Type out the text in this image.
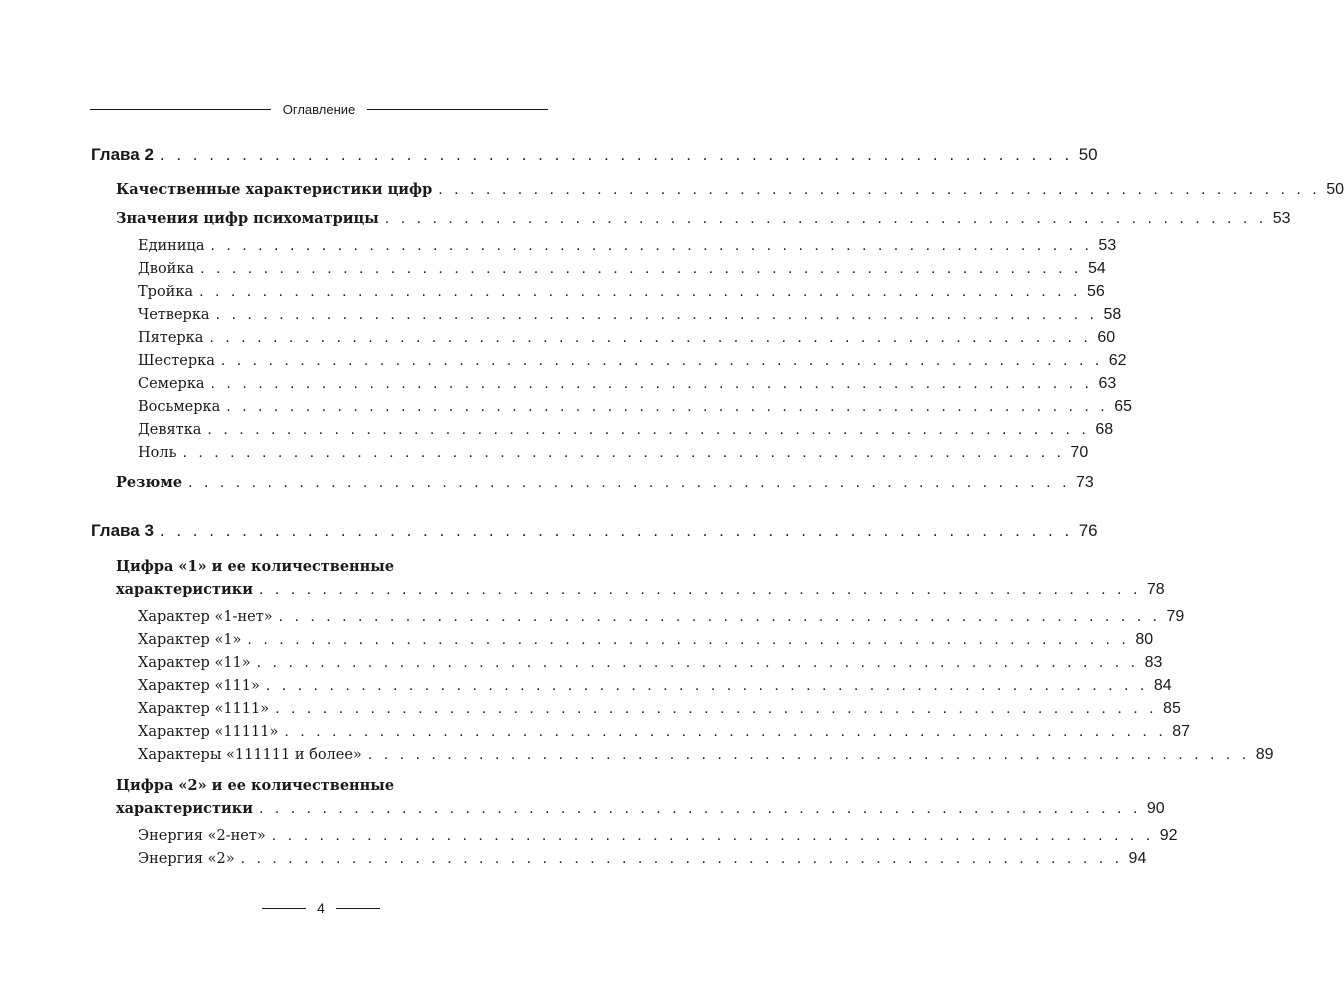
Оглавление
Глава 2 . . . . . . . . . . . . . . . . . . . . . . . . . . . . . . . . . . . . . . . . . . . . . . . . . . . . . . . . 50
Качественные характеристики цифр . . . . . . . . . . . . . . . . . . . . . . . . . . . . . . . . . . . . . . . . . . . . . . . . . . . . . . . . 50
Значения цифр психоматрицы . . . . . . . . . . . . . . . . . . . . . . . . . . . . . . . . . . . . . . . . . . . . . . . . . . . . . . . . 53
Единица . . . . . . . . . . . . . . . . . . . . . . . . . . . . . . . . . . . . . . . . . . . . . . . . . . . . . . . . 53
Двойка . . . . . . . . . . . . . . . . . . . . . . . . . . . . . . . . . . . . . . . . . . . . . . . . . . . . . . . . 54
Тройка . . . . . . . . . . . . . . . . . . . . . . . . . . . . . . . . . . . . . . . . . . . . . . . . . . . . . . . . 56
Четверка . . . . . . . . . . . . . . . . . . . . . . . . . . . . . . . . . . . . . . . . . . . . . . . . . . . . . . . . 58
Пятерка . . . . . . . . . . . . . . . . . . . . . . . . . . . . . . . . . . . . . . . . . . . . . . . . . . . . . . . . 60
Шестерка . . . . . . . . . . . . . . . . . . . . . . . . . . . . . . . . . . . . . . . . . . . . . . . . . . . . . . . . 62
Семерка . . . . . . . . . . . . . . . . . . . . . . . . . . . . . . . . . . . . . . . . . . . . . . . . . . . . . . . . 63
Восьмерка . . . . . . . . . . . . . . . . . . . . . . . . . . . . . . . . . . . . . . . . . . . . . . . . . . . . . . . . 65
Девятка . . . . . . . . . . . . . . . . . . . . . . . . . . . . . . . . . . . . . . . . . . . . . . . . . . . . . . . . 68
Ноль . . . . . . . . . . . . . . . . . . . . . . . . . . . . . . . . . . . . . . . . . . . . . . . . . . . . . . . . 70
Резюме . . . . . . . . . . . . . . . . . . . . . . . . . . . . . . . . . . . . . . . . . . . . . . . . . . . . . . . . 73
Глава 3 . . . . . . . . . . . . . . . . . . . . . . . . . . . . . . . . . . . . . . . . . . . . . . . . . . . . . . . . 76
Цифра «1» и ее количественные
характеристики . . . . . . . . . . . . . . . . . . . . . . . . . . . . . . . . . . . . . . . . . . . . . . . . . . . . . . . . 78
Характер «1-нет» . . . . . . . . . . . . . . . . . . . . . . . . . . . . . . . . . . . . . . . . . . . . . . . . . . . . . . . . 79
Характер «1» . . . . . . . . . . . . . . . . . . . . . . . . . . . . . . . . . . . . . . . . . . . . . . . . . . . . . . . . 80
Характер «11» . . . . . . . . . . . . . . . . . . . . . . . . . . . . . . . . . . . . . . . . . . . . . . . . . . . . . . . . 83
Характер «111» . . . . . . . . . . . . . . . . . . . . . . . . . . . . . . . . . . . . . . . . . . . . . . . . . . . . . . . . 84
Характер «1111» . . . . . . . . . . . . . . . . . . . . . . . . . . . . . . . . . . . . . . . . . . . . . . . . . . . . . . . . 85
Характер «11111» . . . . . . . . . . . . . . . . . . . . . . . . . . . . . . . . . . . . . . . . . . . . . . . . . . . . . . . . 87
Характеры «111111 и более» . . . . . . . . . . . . . . . . . . . . . . . . . . . . . . . . . . . . . . . . . . . . . . . . . . . . . . . . 89
Цифра «2» и ее количественные
характеристики . . . . . . . . . . . . . . . . . . . . . . . . . . . . . . . . . . . . . . . . . . . . . . . . . . . . . . . . 90
Энергия «2-нет» . . . . . . . . . . . . . . . . . . . . . . . . . . . . . . . . . . . . . . . . . . . . . . . . . . . . . . . . 92
Энергия «2» . . . . . . . . . . . . . . . . . . . . . . . . . . . . . . . . . . . . . . . . . . . . . . . . . . . . . . . . 94
4
